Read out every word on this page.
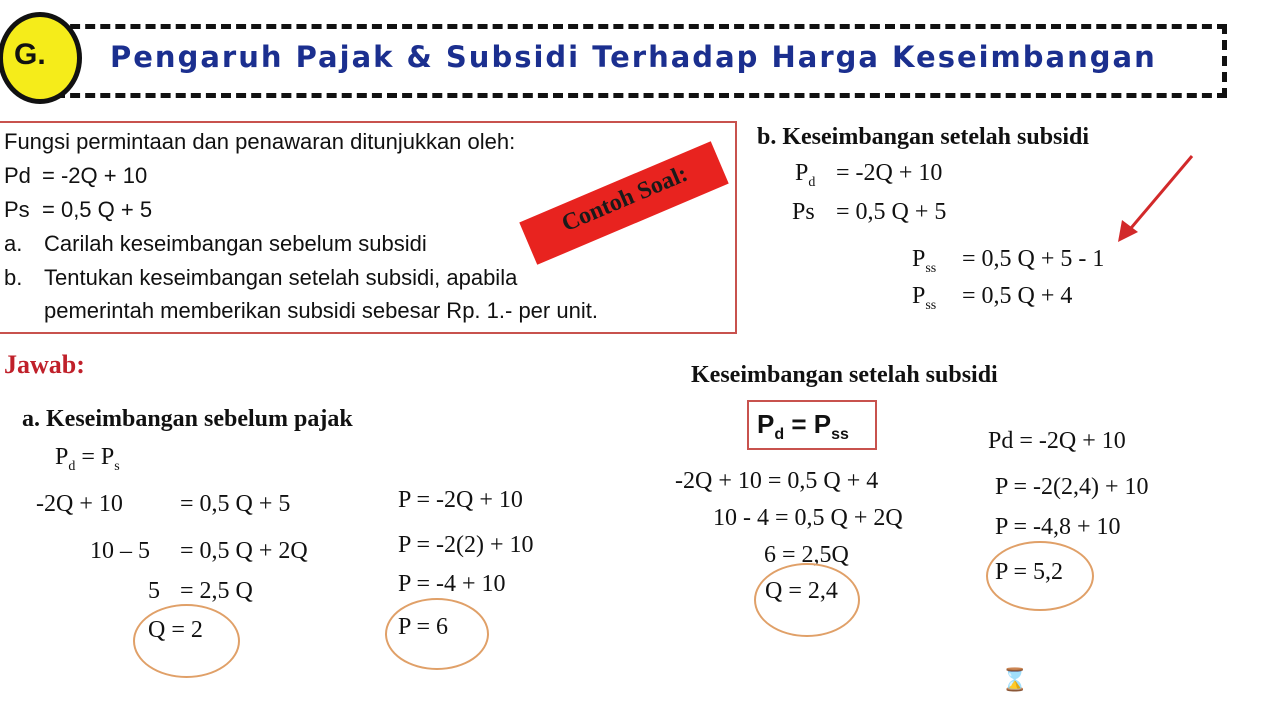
G. Pengaruh Pajak & Subsidi Terhadap Harga Keseimbangan
Fungsi permintaan dan penawaran ditunjukkan oleh:
Pd = -2Q + 10
Ps = 0,5 Q + 5
a. Carilah keseimbangan sebelum subsidi
b. Tentukan keseimbangan setelah subsidi, apabila
pemerintah memberikan subsidi sebesar Rp. 1.- per unit.
Contoh Soal:
Jawab:
a. Keseimbangan sebelum pajak
$P_d = P_s$
-2Q + 10 = 0,5 Q + 5
10 – 5 = 0,5 Q + 2Q
5 = 2,5 Q
Q = 2
P = -2Q + 10
P = -2(2) + 10
P = -4 + 10
P = 6
b. Keseimbangan setelah subsidi
$P_d = -2Q + 10$
Ps = 0,5 Q + 5
$P_{ss} = 0,5$ Q + 5 - 1
$P_{ss} = 0,5$ Q + 4
Keseimbangan setelah subsidi
$P_d = P_{ss}$
-2Q + 10 = 0,5 Q + 4
10 - 4 = 0,5 Q + 2Q
6 = 2,5Q
Q = 2,4
Pd = -2Q + 10
P = -2(2,4) + 10
P = -4,8 + 10
P = 5,2
⌛
